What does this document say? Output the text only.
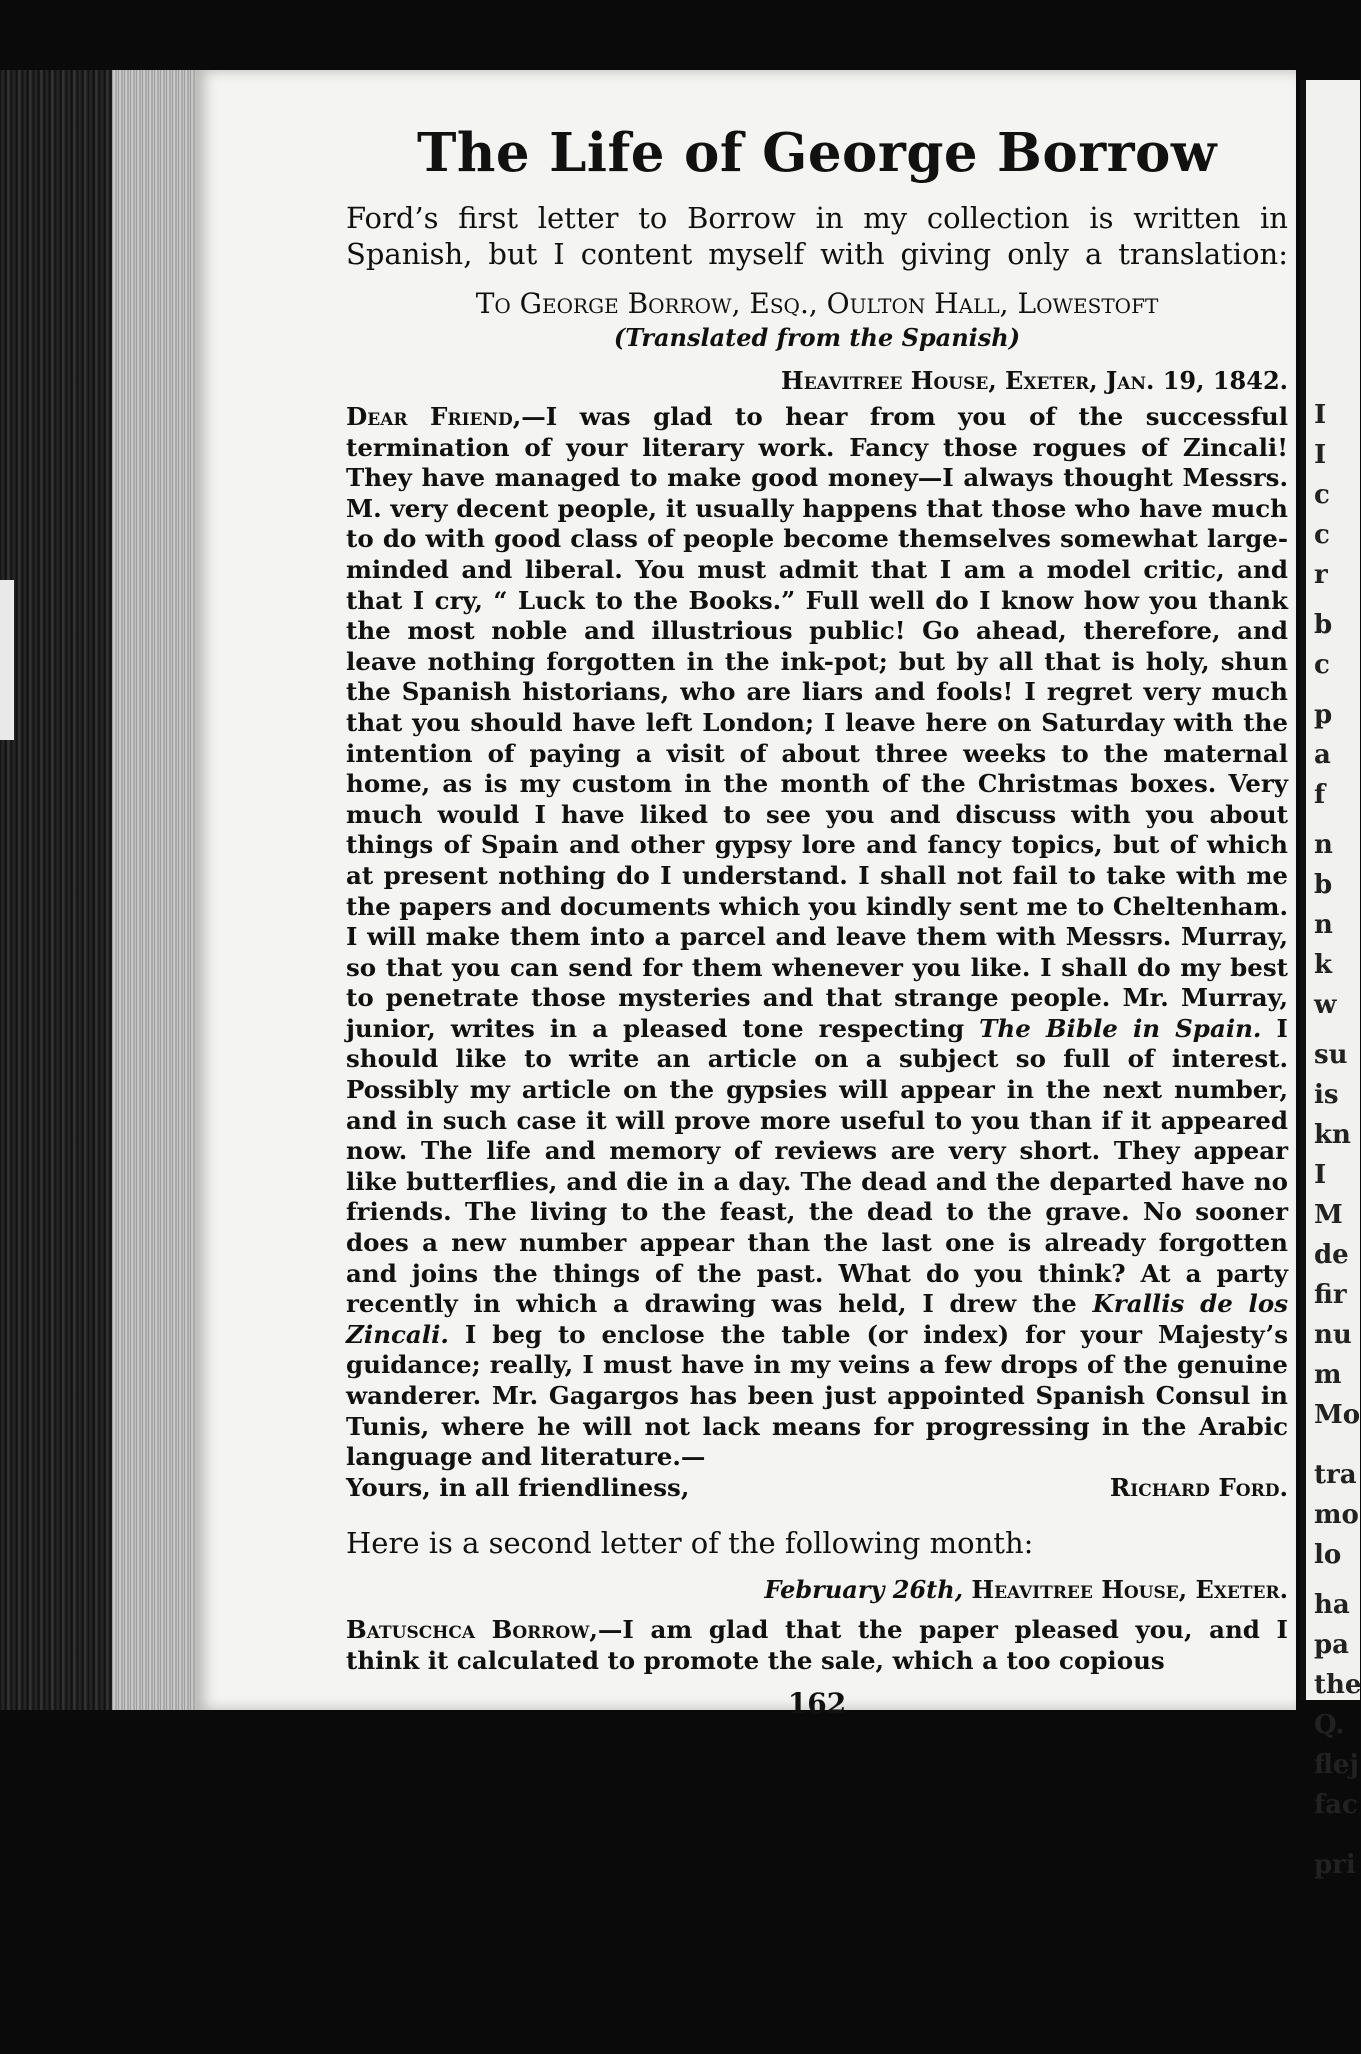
The Life of George Borrow

Ford’s first letter to Borrow in my collection is written in Spanish, but I content myself with giving only a translation:

To George Borrow, Esq., Oulton Hall, Lowestoft
(Translated from the Spanish)
Heavitree House, Exeter, Jan. 19, 1842.

Dear Friend,—I was glad to hear from you of the successful termination of your literary work. Fancy those rogues of Zincali! They have managed to make good money—I always thought Messrs. M. very decent people, it usually happens that those who have much to do with good class of people become themselves somewhat large-minded and liberal. You must admit that I am a model critic, and that I cry, “ Luck to the Books.” Full well do I know how you thank the most noble and illustrious public! Go ahead, therefore, and leave nothing forgotten in the ink-pot; but by all that is holy, shun the Spanish historians, who are liars and fools! I regret very much that you should have left London; I leave here on Saturday with the intention of paying a visit of about three weeks to the maternal home, as is my custom in the month of the Christmas boxes. Very much would I have liked to see you and discuss with you about things of Spain and other gypsy lore and fancy topics, but of which at present nothing do I understand. I shall not fail to take with me the papers and documents which you kindly sent me to Cheltenham. I will make them into a parcel and leave them with Messrs. Murray, so that you can send for them whenever you like. I shall do my best to penetrate those mysteries and that strange people. Mr. Murray, junior, writes in a pleased tone respecting The Bible in Spain. I should like to write an article on a subject so full of interest. Possibly my article on the gypsies will appear in the next number, and in such case it will prove more useful to you than if it appeared now. The life and memory of reviews are very short. They appear like butterflies, and die in a day. The dead and the departed have no friends. The living to the feast, the dead to the grave. No sooner does a new number appear than the last one is already forgotten and joins the things of the past. What do you think? At a party recently in which a drawing was held, I drew the Krallis de los Zincali. I beg to enclose the table (or index) for your Majesty’s guidance; really, I must have in my veins a few drops of the genuine wanderer. Mr. Gagargos has been just appointed Spanish Consul in Tunis, where he will not lack means for progressing in the Arabic language and literature.—

Yours, in all friendliness,	Richard Ford.

Here is a second letter of the following month:

February 26th, Heavitree House, Exeter.

Batuschca Borrow,—I am glad that the paper pleased you, and I think it calculated to promote the sale, which a too copious

162
I
I
c
c
r
b
c
p
a
f
n
b
n
k
w
su
is
kn
I
M
de
fir
nu
m
Mo
tra
mo
lo
ha
pa
the
Q.
flej
fac
pri
